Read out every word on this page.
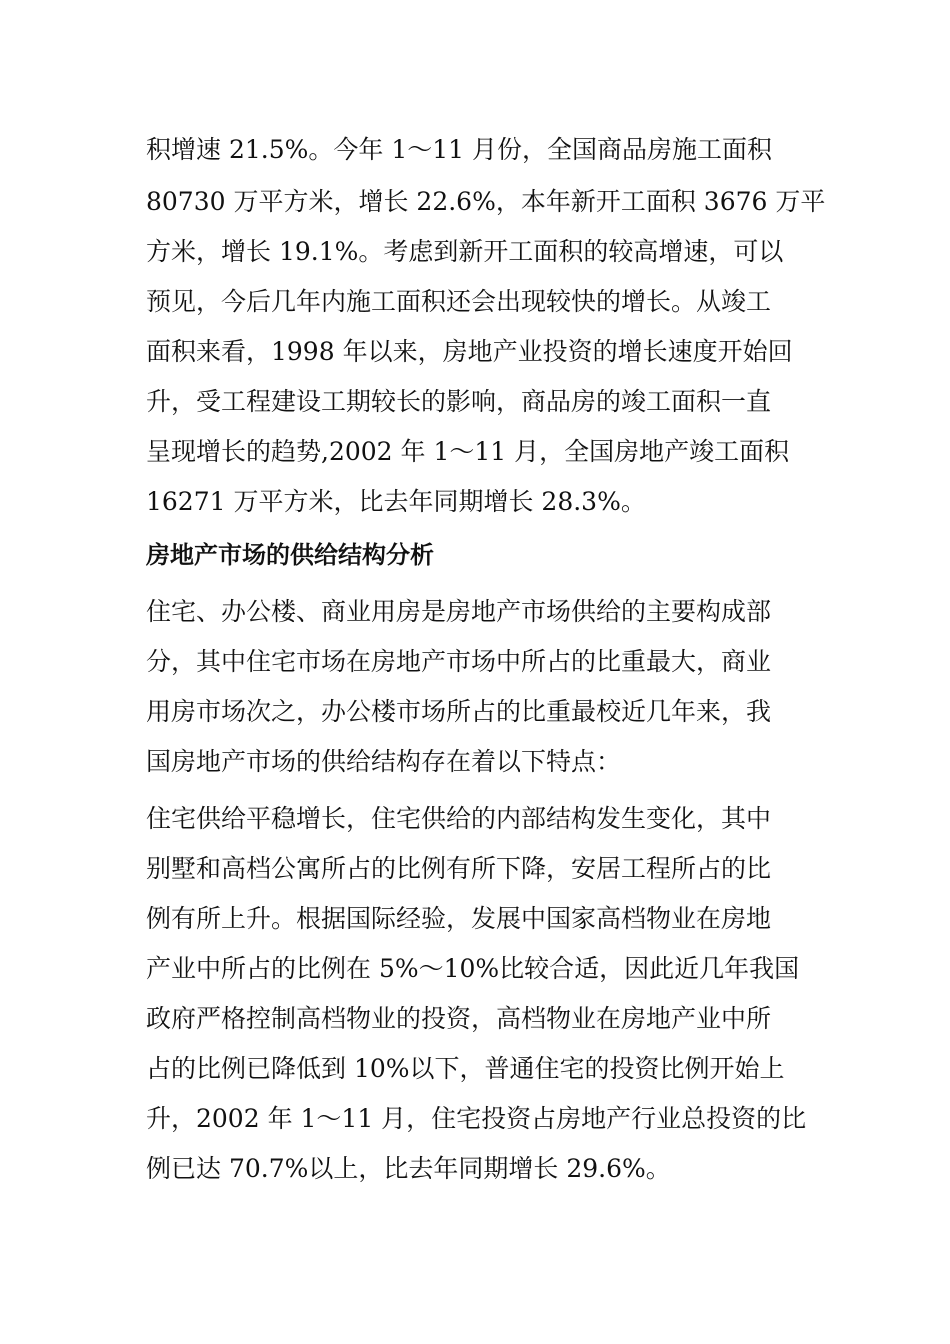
积增速 21.5%。今年 1～11 月份，全国商品房施工面积
80730 万平方米，增长 22.6%，本年新开工面积 3676 万平
方米，增长 19.1%。考虑到新开工面积的较高增速，可以
预见，今后几年内施工面积还会出现较快的增长。从竣工
面积来看，1998 年以来，房地产业投资的增长速度开始回
升，受工程建设工期较长的影响，商品房的竣工面积一直
呈现增长的趋势,2002 年 1～11 月，全国房地产竣工面积
16271 万平方米，比去年同期增长 28.3%。
房地产市场的供给结构分析
住宅、办公楼、商业用房是房地产市场供给的主要构成部
分，其中住宅市场在房地产市场中所占的比重最大，商业
用房市场次之，办公楼市场所占的比重最校近几年来，我
国房地产市场的供给结构存在着以下特点：
住宅供给平稳增长，住宅供给的内部结构发生变化，其中
别墅和高档公寓所占的比例有所下降，安居工程所占的比
例有所上升。根据国际经验，发展中国家高档物业在房地
产业中所占的比例在 5%～10%比较合适，因此近几年我国
政府严格控制高档物业的投资，高档物业在房地产业中所
占的比例已降低到 10%以下，普通住宅的投资比例开始上
升，2002 年 1～11 月，住宅投资占房地产行业总投资的比
例已达 70.7%以上，比去年同期增长 29.6%。
